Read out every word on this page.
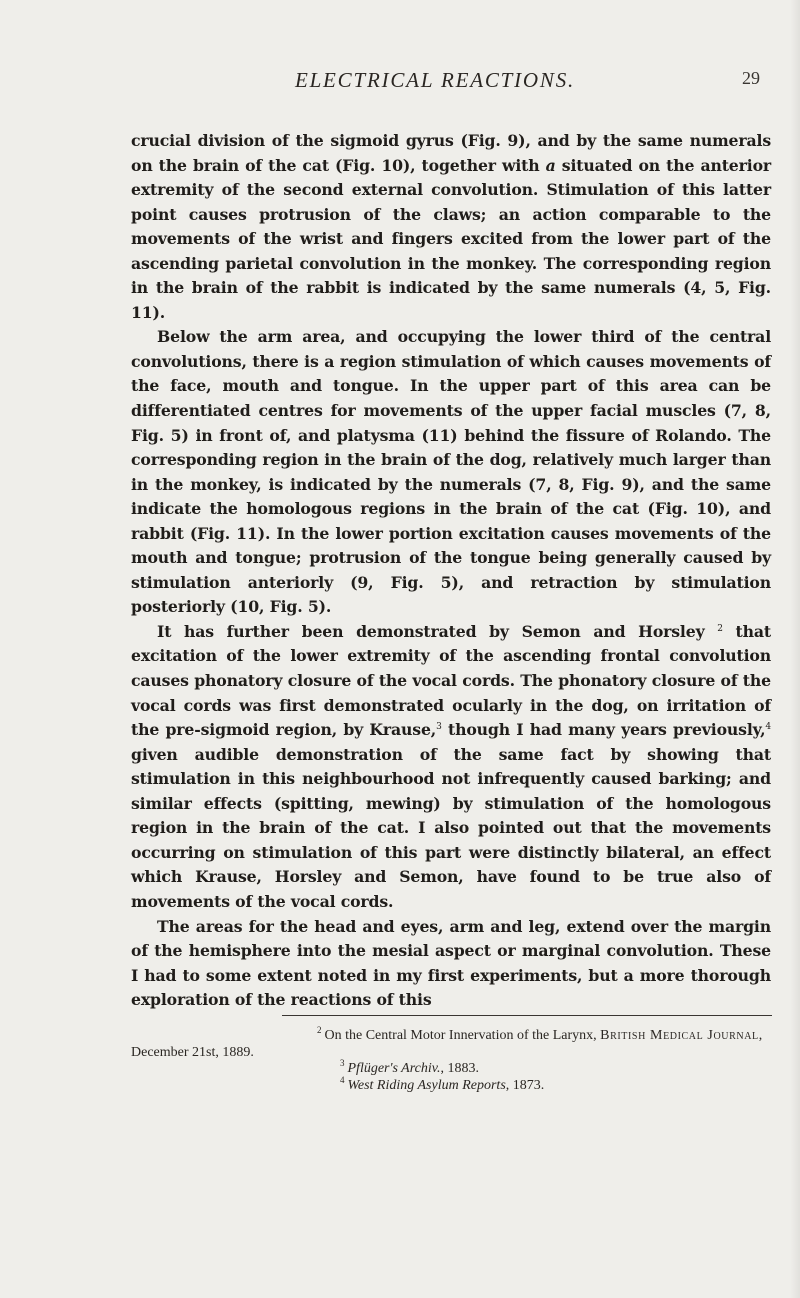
ELECTRICAL REACTIONS.	29

crucial division of the sigmoid gyrus (Fig. 9), and by the same numerals on the brain of the cat (Fig. 10), together with a situated on the anterior extremity of the second external convolution. Stimulation of this latter point causes protrusion of the claws; an action comparable to the movements of the wrist and fingers excited from the lower part of the ascending parietal convolution in the monkey. The corresponding region in the brain of the rabbit is indicated by the same numerals (4, 5, Fig. 11).

Below the arm area, and occupying the lower third of the central convolutions, there is a region stimulation of which causes movements of the face, mouth and tongue. In the upper part of this area can be differentiated centres for movements of the upper facial muscles (7, 8, Fig. 5) in front of, and platysma (11) behind the fissure of Rolando. The corresponding region in the brain of the dog, relatively much larger than in the monkey, is indicated by the numerals (7, 8, Fig. 9), and the same indicate the homologous regions in the brain of the cat (Fig. 10), and rabbit (Fig. 11). In the lower portion excitation causes movements of the mouth and tongue; protrusion of the tongue being generally caused by stimulation anteriorly (9, Fig. 5), and retraction by stimulation posteriorly (10, Fig. 5).

It has further been demonstrated by Semon and Horsley $^2$ that excitation of the lower extremity of the ascending frontal convolution causes phonatory closure of the vocal cords. The phonatory closure of the vocal cords was first demonstrated ocularly in the dog, on irritation of the pre-sigmoid region, by Krause,$^3$ though I had many years previously,$^4$ given audible demonstration of the same fact by showing that stimulation in this neighbourhood not infrequently caused barking; and similar effects (spitting, mewing) by stimulation of the homologous region in the brain of the cat. I also pointed out that the movements occurring on stimulation of this part were distinctly bilateral, an effect which Krause, Horsley and Semon, have found to be true also of movements of the vocal cords.

The areas for the head and eyes, arm and leg, extend over the margin of the hemisphere into the mesial aspect or marginal convolution. These I had to some extent noted in my first experiments, but a more thorough exploration of the reactions of this

$^2$ On the Central Motor Innervation of the Larynx, British Medical Journal, December 21st, 1889.

$^3$ Pflüger's Archiv., 1883.

$^4$ West Riding Asylum Reports, 1873.
